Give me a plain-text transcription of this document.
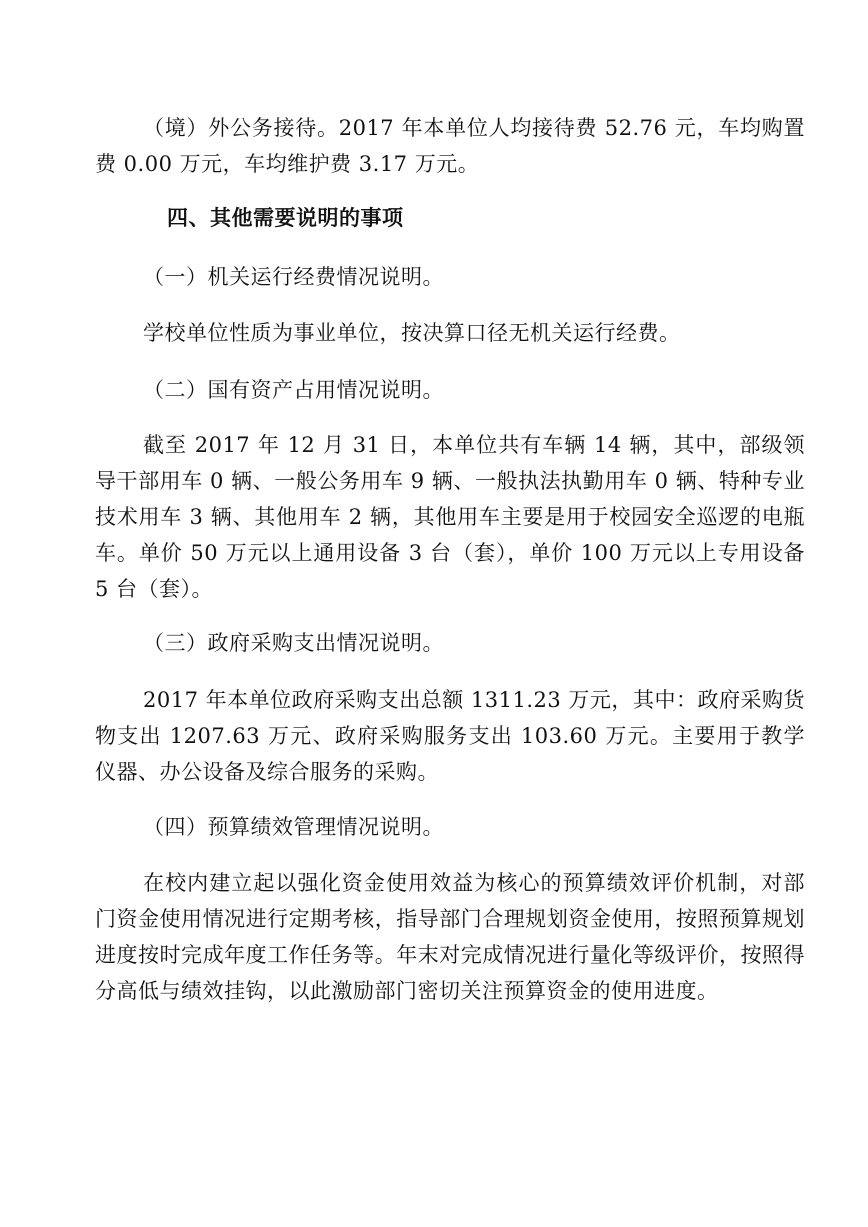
（境）外公务接待。2017 年本单位人均接待费 52.76 元，车均购置费 0.00 万元，车均维护费 3.17 万元。

四、其他需要说明的事项

（一）机关运行经费情况说明。

学校单位性质为事业单位，按决算口径无机关运行经费。

（二）国有资产占用情况说明。

截至 2017 年 12 月 31 日，本单位共有车辆 14 辆，其中，部级领导干部用车 0 辆、一般公务用车 9 辆、一般执法执勤用车 0 辆、特种专业技术用车 3 辆、其他用车 2 辆，其他用车主要是用于校园安全巡逻的电瓶车。单价 50 万元以上通用设备 3 台（套），单价 100 万元以上专用设备 5 台（套）。

（三）政府采购支出情况说明。

2017 年本单位政府采购支出总额 1311.23 万元，其中：政府采购货物支出 1207.63 万元、政府采购服务支出 103.60 万元。主要用于教学仪器、办公设备及综合服务的采购。

（四）预算绩效管理情况说明。

在校内建立起以强化资金使用效益为核心的预算绩效评价机制，对部门资金使用情况进行定期考核，指导部门合理规划资金使用，按照预算规划进度按时完成年度工作任务等。年末对完成情况进行量化等级评价，按照得分高低与绩效挂钩，以此激励部门密切关注预算资金的使用进度。
